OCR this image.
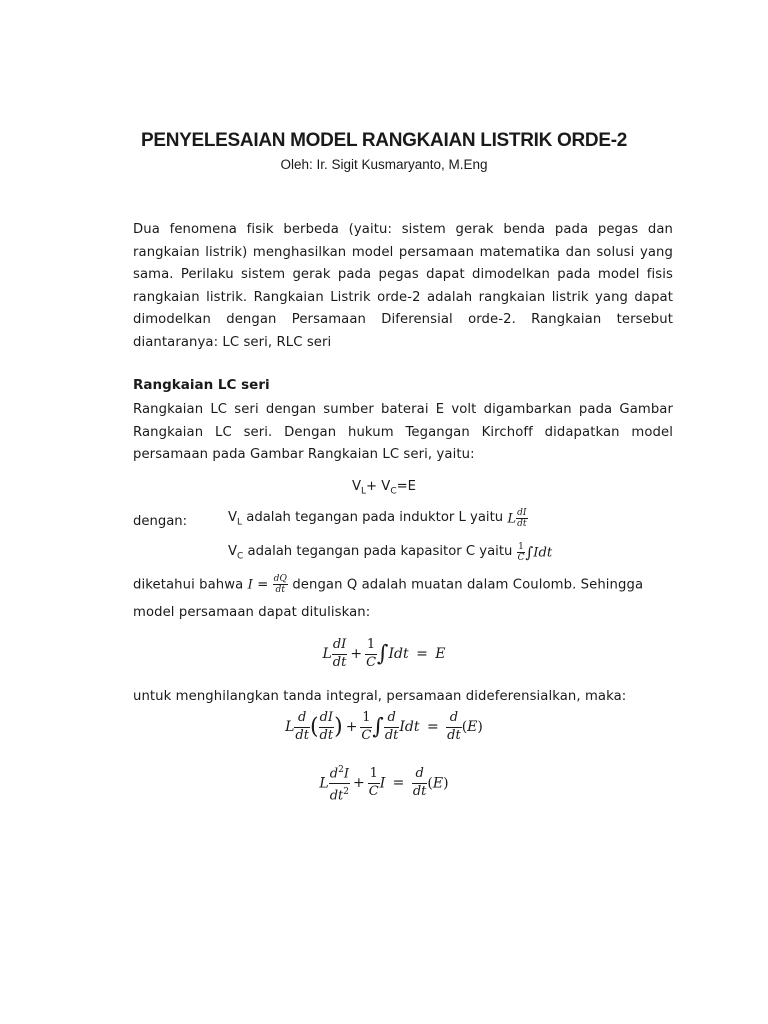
PENYELESAIAN MODEL RANGKAIAN LISTRIK ORDE-2
Oleh: Ir. Sigit Kusmaryanto, M.Eng
Dua fenomena fisik berbeda (yaitu: sistem gerak benda pada pegas dan rangkaian listrik) menghasilkan model persamaan matematika dan solusi yang sama. Perilaku sistem gerak pada pegas dapat dimodelkan pada model fisis rangkaian listrik. Rangkaian Listrik orde-2 adalah rangkaian listrik yang dapat dimodelkan dengan Persamaan Diferensial orde-2. Rangkaian tersebut diantaranya: LC seri, RLC seri
Rangkaian LC seri
Rangkaian LC seri dengan sumber baterai E volt digambarkan pada Gambar Rangkaian LC seri. Dengan hukum Tegangan Kirchoff didapatkan model persamaan pada Gambar Rangkaian LC seri, yaitu:
$V_L+ V_C=E$
dengan:	$V_L$ adalah tegangan pada induktor L yaitu L $\frac{dI}{dt}$
$V_C$ adalah tegangan pada kapasitor C yaitu $\frac{1}{C} \int Idt$
diketahui bahwa $I = \frac{dQ}{dt}$ dengan Q adalah muatan dalam Coulomb. Sehingga
model persamaan dapat dituliskan:
L $\frac{dI}{dt} + \frac{1}{C} \int Idt = E$
untuk menghilangkan tanda integral, persamaan dideferensialkan, maka:
L $\frac{d}{dt}$ ( $\frac{dI}{dt}$ ) + $\frac{1}{C}$ ∫ $\frac{d}{dt}$ Idt = $\frac{d}{dt} (E)$
L $\frac{d^2I}{dt^2} + \frac{1}{C}$ $I = \frac{d}{dt} (E)$
